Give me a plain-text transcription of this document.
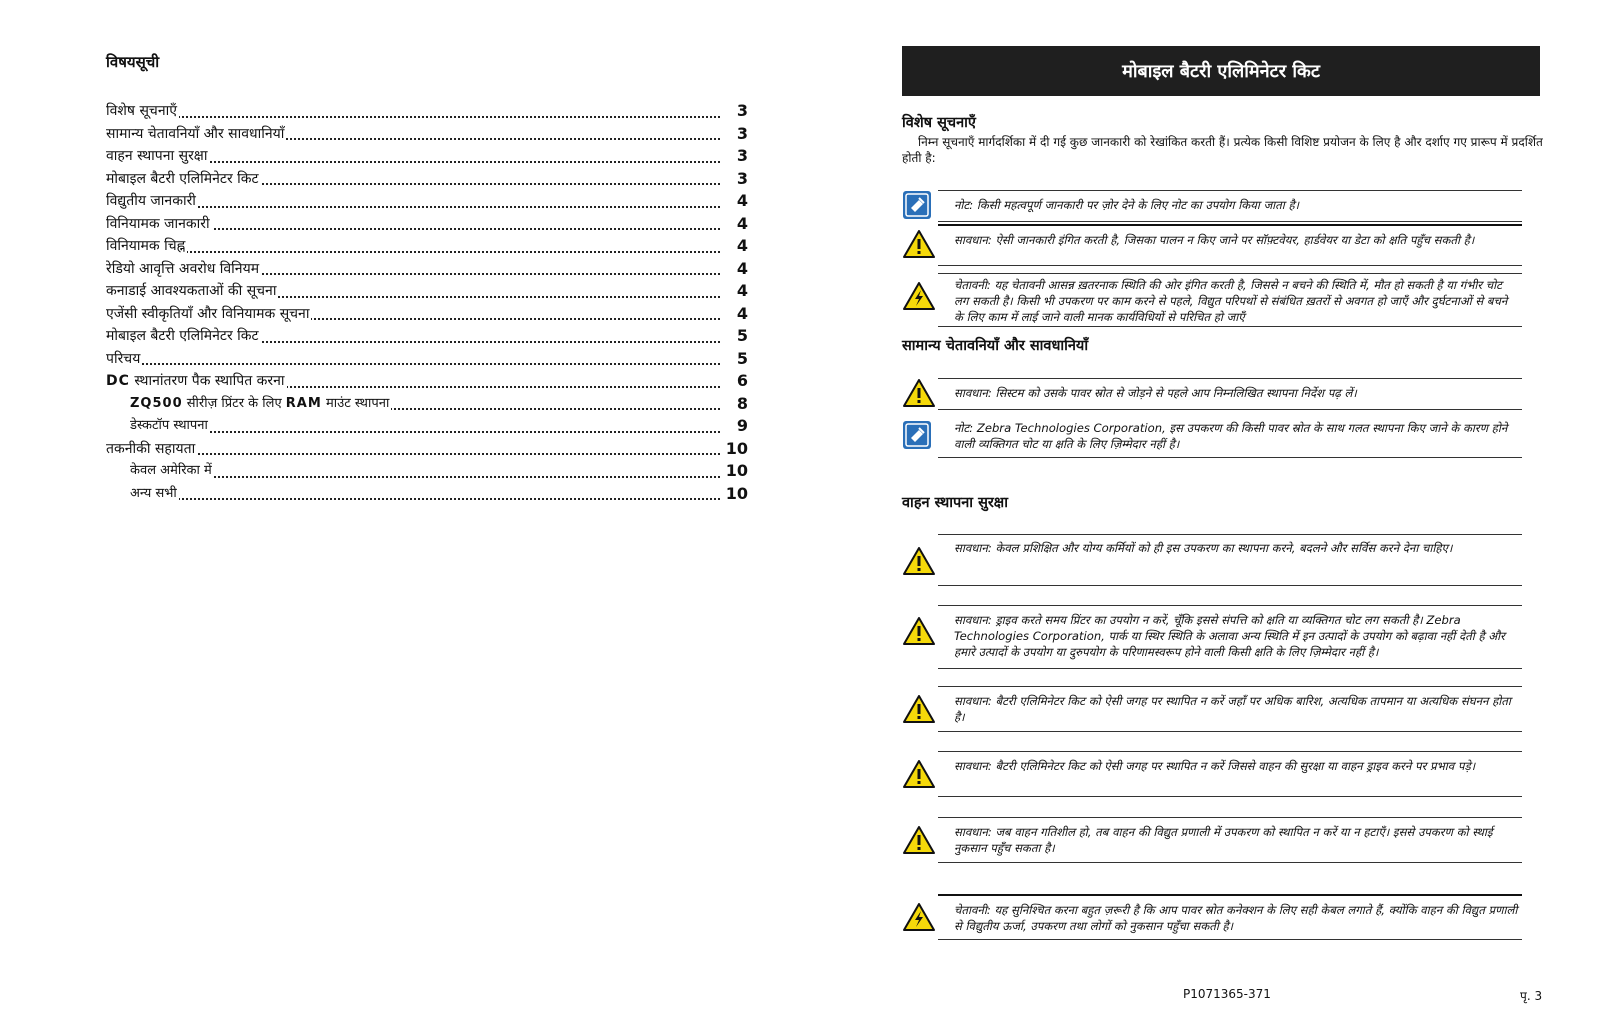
विषयसूची
विशेष सूचनाएँ	3
सामान्य चेतावनियाँ और सावधानियाँ	3
वाहन स्थापना सुरक्षा	3
मोबाइल बैटरी एलिमिनेटर किट	3
विद्युतीय जानकारी	4
विनियामक जानकारी	4
विनियामक चिह्न	4
रेडियो आवृत्ति अवरोध विनियम	4
कनाडाई आवश्यकताओं की सूचना	4
एजेंसी स्वीकृतियाँ और विनियामक सूचना	4
मोबाइल बैटरी एलिमिनेटर किट	5
परिचय	5
DC स्थानांतरण पैक स्थापित करना	6
ZQ500 सीरीज़ प्रिंटर के लिए RAM माउंट स्थापना	8
डेस्कटॉप स्थापना	9
तकनीकी सहायता	10
केवल अमेरिका में	10
अन्य सभी	10
मोबाइल बैटरी एलिमिनेटर किट
विशेष सूचनाएँ
निम्न सूचनाएँ मार्गदर्शिका में दी गई कुछ जानकारी को रेखांकित करती हैं। प्रत्येक किसी विशिष्ट प्रयोजन के लिए है और दर्शाए गए प्रारूप में प्रदर्शित होती है:
नोट: किसी महत्वपूर्ण जानकारी पर ज़ोर देने के लिए नोट का उपयोग किया जाता है।
सावधान: ऐसी जानकारी इंगित करती है, जिसका पालन न किए जाने पर सॉफ़्टवेयर, हार्डवेयर या डेटा को क्षति पहुँच सकती है।
चेतावनी: यह चेतावनी आसन्न ख़तरनाक स्थिति की ओर इंगित करती है, जिससे न बचने की स्थिति में, मौत हो सकती है या गंभीर चोट लग सकती है। किसी भी उपकरण पर काम करने से पहले, विद्युत परिपथों से संबंधित ख़तरों से अवगत हो जाएँ और दुर्घटनाओं से बचने के लिए काम में लाई जाने वाली मानक कार्यविधियों से परिचित हो जाएँ
सामान्य चेतावनियाँ और सावधानियाँ
सावधान: सिस्टम को उसके पावर स्रोत से जोड़ने से पहले आप निम्नलिखित स्थापना निर्देश पढ़ लें।
नोट: Zebra Technologies Corporation, इस उपकरण की किसी पावर स्रोत के साथ गलत स्थापना किए जाने के कारण होने वाली व्यक्तिगत चोट या क्षति के लिए ज़िम्मेदार नहीं है।
वाहन स्थापना सुरक्षा
सावधान: केवल प्रशिक्षित और योग्य कर्मियों को ही इस उपकरण का स्थापना करने, बदलने और सर्विस करने देना चाहिए।
सावधान: ड्राइव करते समय प्रिंटर का उपयोग न करें, चूँकि इससे संपत्ति को क्षति या व्यक्तिगत चोट लग सकती है। Zebra Technologies Corporation, पार्क या स्थिर स्थिति के अलावा अन्य स्थिति में इन उत्पादों के उपयोग को बढ़ावा नहीं देती है और हमारे उत्पादों के उपयोग या दुरुपयोग के परिणामस्वरूप होने वाली किसी क्षति के लिए ज़िम्मेदार नहीं है।
सावधान: बैटरी एलिमिनेटर किट को ऐसी जगह पर स्थापित न करें जहाँ पर अधिक बारिश, अत्यधिक तापमान या अत्यधिक संघनन होता है।
सावधान: बैटरी एलिमिनेटर किट को ऐसी जगह पर स्थापित न करें जिससे वाहन की सुरक्षा या वाहन ड्राइव करने पर प्रभाव पड़े।
सावधान: जब वाहन गतिशील हो, तब वाहन की विद्युत प्रणाली में उपकरण को स्थापित न करें या न हटाएँ। इससे उपकरण को स्थाई नुकसान पहुँच सकता है।
चेतावनी: यह सुनिश्चित करना बहुत ज़रूरी है कि आप पावर स्रोत कनेक्शन के लिए सही केबल लगाते हैं, क्योंकि वाहन की विद्युत प्रणाली से विद्युतीय ऊर्जा, उपकरण तथा लोगों को नुकसान पहुँचा सकती है।
P1071365-371	पृ. 3
